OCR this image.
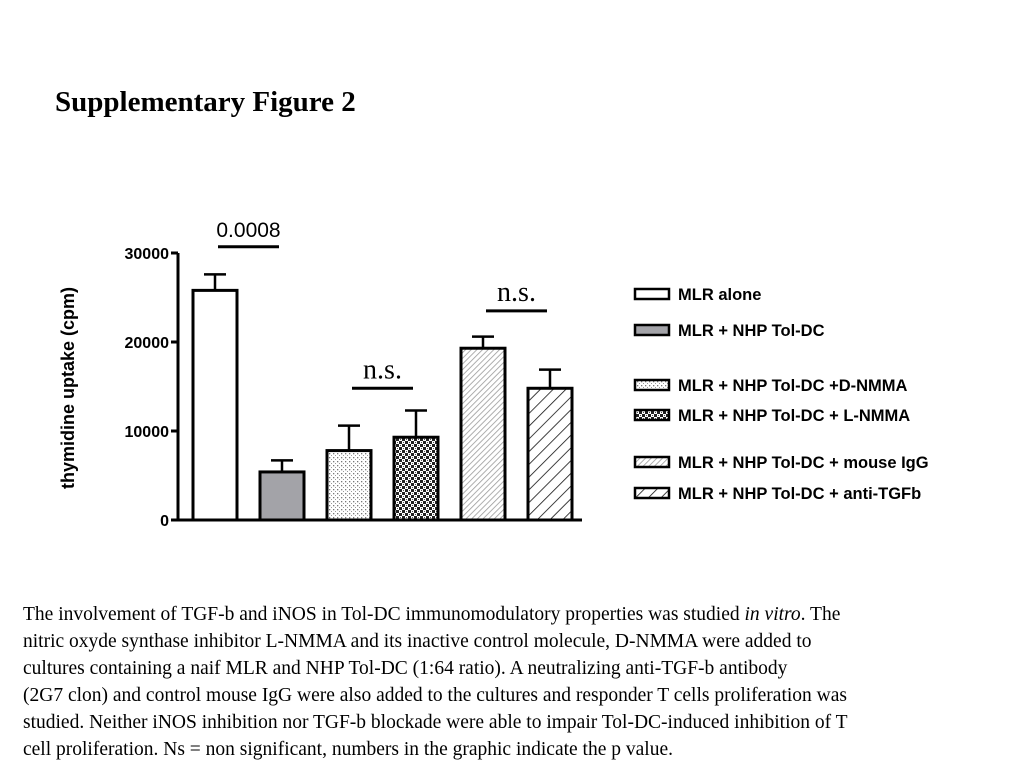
Supplementary Figure 2
thymidine uptake (cpm)
0
10000
20000
30000
0.0008
n.s.
n.s.	MLR alone
MLR + NHP Tol-DC
MLR + NHP Tol-DC +D-NMMA
MLR + NHP Tol-DC + L-NMMA
MLR + NHP Tol-DC + mouse IgG
MLR + NHP Tol-DC + anti-TGFb

The involvement of TGF-b and iNOS in Tol-DC immunomodulatory properties was studied in vitro. The
nitric oxyde synthase inhibitor L-NMMA and its inactive control molecule, D-NMMA were added to
cultures containing a naif MLR and NHP Tol-DC (1:64 ratio). A neutralizing anti-TGF-b antibody
(2G7 clon) and control mouse IgG were also added to the cultures and responder T cells proliferation was
studied. Neither iNOS inhibition nor TGF-b blockade were able to impair Tol-DC-induced inhibition of T
cell proliferation. Ns = non significant, numbers in the graphic indicate the p value.
